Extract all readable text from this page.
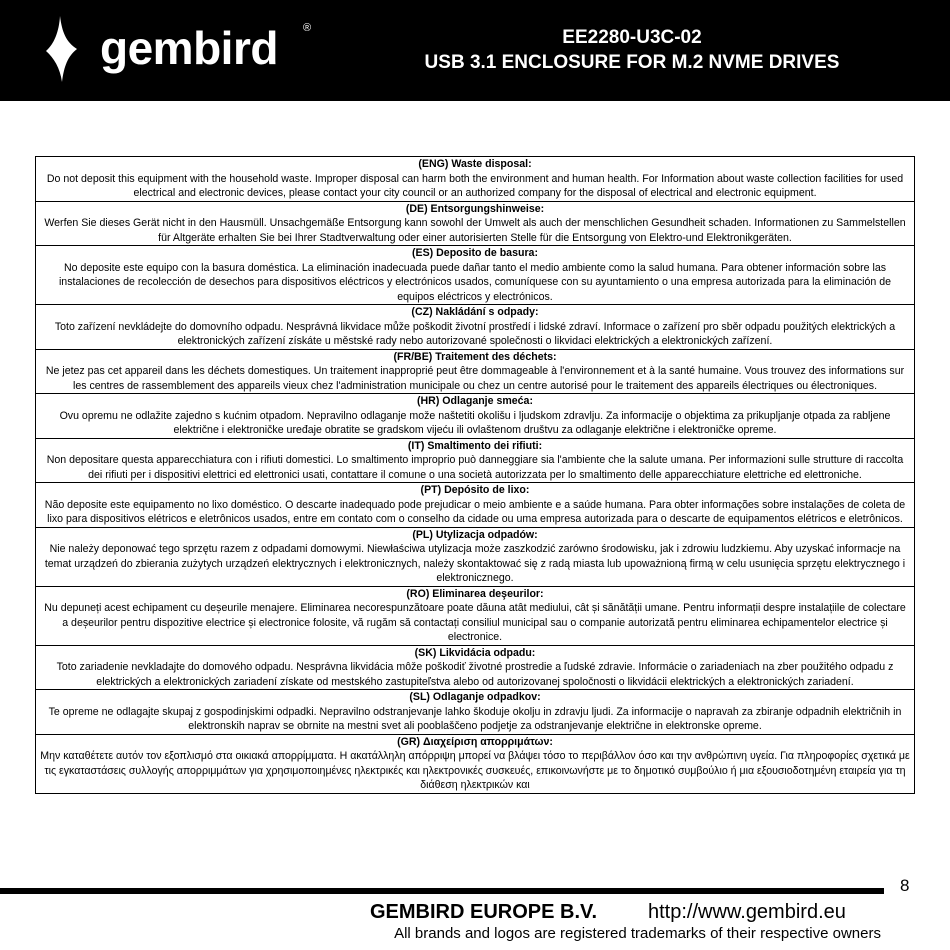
gembird ®	EE2280-U3C-02
USB 3.1 ENCLOSURE FOR M.2 NVME DRIVES
(ENG) Waste disposal:
Do not deposit this equipment with the household waste. Improper disposal can harm both the environment and human health. For Information about waste collection facilities for used electrical and electronic devices, please contact your city council or an authorized company for the disposal of electrical and electronic equipment.
(DE) Entsorgungshinweise:
Werfen Sie dieses Gerät nicht in den Hausmüll. Unsachgemäße Entsorgung kann sowohl der Umwelt als auch der menschlichen Gesundheit schaden. Informationen zu Sammelstellen für Altgeräte erhalten Sie bei Ihrer Stadtverwaltung oder einer autorisierten Stelle für die Entsorgung von Elektro-und Elektronikgeräten.
(ES) Deposito de basura:
No deposite este equipo con la basura doméstica. La eliminación inadecuada puede dañar tanto el medio ambiente como la salud humana. Para obtener información sobre las instalaciones de recolección de desechos para dispositivos eléctricos y electrónicos usados, comuníquese con su ayuntamiento o una empresa autorizada para la eliminación de equipos eléctricos y electrónicos.
(CZ) Nakládání s odpady:
Toto zařízení nevkládejte do domovního odpadu. Nesprávná likvidace může poškodit životní prostředí i lidské zdraví. Informace o zařízení pro sběr odpadu použitých elektrických a elektronických zařízení získáte u městské rady nebo autorizované společnosti o likvidaci elektrických a elektronických zařízení.
(FR/BE) Traitement des déchets:
Ne jetez pas cet appareil dans les déchets domestiques. Un traitement inapproprié peut être dommageable à l'environnement et à la santé humaine. Vous trouvez des informations sur les centres de rassemblement des appareils vieux chez l'administration municipale ou chez un centre autorisé pour le traitement des appareils électriques ou électroniques.
(HR) Odlaganje smeća:
Ovu opremu ne odlažite zajedno s kućnim otpadom. Nepravilno odlaganje može naštetiti okolišu i ljudskom zdravlju. Za informacije o objektima za prikupljanje otpada za rabljene električne i elektroničke uređaje obratite se gradskom vijeću ili ovlaštenom društvu za odlaganje električne i elektroničke opreme.
(IT) Smaltimento dei rifiuti:
Non depositare questa apparecchiatura con i rifiuti domestici. Lo smaltimento improprio può danneggiare sia l'ambiente che la salute umana. Per informazioni sulle strutture di raccolta dei rifiuti per i dispositivi elettrici ed elettronici usati, contattare il comune o una società autorizzata per lo smaltimento delle apparecchiature elettriche ed elettroniche.
(PT) Depósito de lixo:
Não deposite este equipamento no lixo doméstico. O descarte inadequado pode prejudicar o meio ambiente e a saúde humana. Para obter informações sobre instalações de coleta de lixo para dispositivos elétricos e eletrônicos usados, entre em contato com o conselho da cidade ou uma empresa autorizada para o descarte de equipamentos elétricos e eletrônicos.
(PL) Utylizacja odpadów:
Nie należy deponować tego sprzętu razem z odpadami domowymi. Niewłaściwa utylizacja może zaszkodzić zarówno środowisku, jak i zdrowiu ludzkiemu. Aby uzyskać informacje na temat urządzeń do zbierania zużytych urządzeń elektrycznych i elektronicznych, należy skontaktować się z radą miasta lub upoważnioną firmą w celu usunięcia sprzętu elektrycznego i elektronicznego.
(RO) Eliminarea deşeurilor:
Nu depuneți acest echipament cu deșeurile menajere. Eliminarea necorespunzătoare poate dăuna atât mediului, cât și sănătății umane. Pentru informații despre instalațiile de colectare a deșeurilor pentru dispozitive electrice și electronice folosite, vă rugăm să contactați consiliul municipal sau o companie autorizată pentru eliminarea echipamentelor electrice și electronice.
(SK) Likvidácia odpadu:
Toto zariadenie nevkladajte do domového odpadu. Nesprávna likvidácia môže poškodiť životné prostredie a ľudské zdravie. Informácie o zariadeniach na zber použitého odpadu z elektrických a elektronických zariadení získate od mestského zastupiteľstva alebo od autorizovanej spoločnosti o likvidácii elektrických a elektronických zariadení.
(SL) Odlaganje odpadkov:
Te opreme ne odlagajte skupaj z gospodinjskimi odpadki. Nepravilno odstranjevanje lahko škoduje okolju in zdravju ljudi. Za informacije o napravah za zbiranje odpadnih električnih in elektronskih naprav se obrnite na mestni svet ali pooblaščeno podjetje za odstranjevanje električne in elektronske opreme.
(GR) Διαχείριση απορριμάτων:
Μην καταθέτετε αυτόν τον εξοπλισμό στα οικιακά απορρίμματα. Η ακατάλληλη απόρριψη μπορεί να βλάψει τόσο το περιβάλλον όσο και την ανθρώπινη υγεία. Για πληροφορίες σχετικά με τις εγκαταστάσεις συλλογής απορριμμάτων για χρησιμοποιημένες ηλεκτρικές και ηλεκτρονικές συσκευές, επικοινωνήστε με το δημοτικό συμβούλιο ή μια εξουσιοδοτημένη εταιρεία για τη διάθεση ηλεκτρικών και
8
GEMBIRD EUROPE B.V.	http://www.gembird.eu
All brands and logos are registered trademarks of their respective owners
